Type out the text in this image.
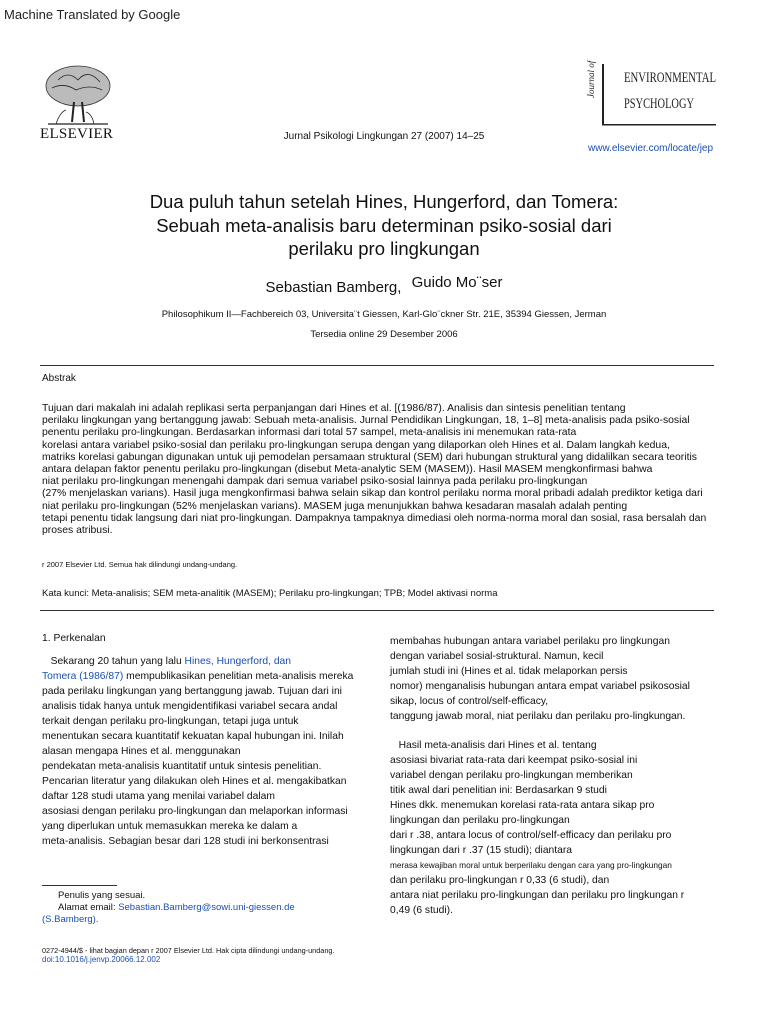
Machine Translated by Google
ELSEVIER	Jurnal Psikologi Lingkungan 27 (2007) 14–25
Journal of ENVIRONMENTAL
PSYCHOLOGY
www.elsevier.com/locate/jep
Dua puluh tahun setelah Hines, Hungerford, dan Tomera:
Sebuah meta-analisis baru determinan psiko-sosial dari
perilaku pro lingkungan
Sebastian Bamberg, Guido Mo¨ser
Philosophikum II—Fachbereich 03, Universita¨t Giessen, Karl-Glo¨ckner Str. 21E, 35394 Giessen, Jerman
Tersedia online 29 Desember 2006
Abstrak
Tujuan dari makalah ini adalah replikasi serta perpanjangan dari Hines et al. [(1986/87). Analisis dan sintesis penelitian tentang
perilaku lingkungan yang bertanggung jawab: Sebuah meta-analisis. Jurnal Pendidikan Lingkungan, 18, 1–8] meta-analisis pada psiko-sosial
penentu perilaku pro-lingkungan. Berdasarkan informasi dari total 57 sampel, meta-analisis ini menemukan rata-rata
korelasi antara variabel psiko-sosial dan perilaku pro-lingkungan serupa dengan yang dilaporkan oleh Hines et al. Dalam langkah kedua,
matriks korelasi gabungan digunakan untuk uji pemodelan persamaan struktural (SEM) dari hubungan struktural yang didalilkan secara teoritis
antara delapan faktor penentu perilaku pro-lingkungan (disebut Meta-analytic SEM (MASEM)). Hasil MASEM mengkonfirmasi bahwa
niat perilaku pro-lingkungan menengahi dampak dari semua variabel psiko-sosial lainnya pada perilaku pro-lingkungan
(27% menjelaskan varians). Hasil juga mengkonfirmasi bahwa selain sikap dan kontrol perilaku norma moral pribadi adalah prediktor ketiga dari
niat perilaku pro-lingkungan (52% menjelaskan varians). MASEM juga menunjukkan bahwa kesadaran masalah adalah penting
tetapi penentu tidak langsung dari niat pro-lingkungan. Dampaknya tampaknya dimediasi oleh norma-norma moral dan sosial, rasa bersalah dan
proses atribusi.
r 2007 Elsevier Ltd. Semua hak dilindungi undang-undang.
Kata kunci: Meta-analisis; SEM meta-analitik (MASEM); Perilaku pro-lingkungan; TPB; Model aktivasi norma
1. Perkenalan
Sekarang 20 tahun yang lalu Hines, Hungerford, dan
Tomera (1986/87) mempublikasikan penelitian meta-analisis mereka
pada perilaku lingkungan yang bertanggung jawab. Tujuan dari ini
analisis tidak hanya untuk mengidentifikasi variabel secara andal
terkait dengan perilaku pro-lingkungan, tetapi juga untuk
menentukan secara kuantitatif kekuatan kapal hubungan ini. Inilah
alasan mengapa Hines et al. menggunakan
pendekatan meta-analisis kuantitatif untuk sintesis penelitian.
Pencarian literatur yang dilakukan oleh Hines et al. mengakibatkan
daftar 128 studi utama yang menilai variabel dalam
asosiasi dengan perilaku pro-lingkungan dan melaporkan informasi
yang diperlukan untuk memasukkan mereka ke dalam a
meta-analisis. Sebagian besar dari 128 studi ini berkonsentrasi
membahas hubungan antara variabel perilaku pro lingkungan
dengan variabel sosial-struktural. Namun, kecil
jumlah studi ini (Hines et al. tidak melaporkan persis
nomor) menganalisis hubungan antara empat variabel psikososial
sikap, locus of control/self-efficacy,
tanggung jawab moral, niat perilaku dan perilaku pro-lingkungan.
Hasil meta-analisis dari Hines et al. tentang
asosiasi bivariat rata-rata dari keempat psiko-sosial ini
variabel dengan perilaku pro-lingkungan memberikan
titik awal dari penelitian ini: Berdasarkan 9 studi
Hines dkk. menemukan korelasi rata-rata antara sikap pro
lingkungan dan perilaku pro-lingkungan
dari r .38, antara locus of control/self-efficacy dan perilaku pro
lingkungan dari r .37 (15 studi); diantara
merasa kewajiban moral untuk berperilaku dengan cara yang pro-lingkungan
dan perilaku pro-lingkungan r 0,33 (6 studi), dan
antara niat perilaku pro-lingkungan dan perilaku pro lingkungan r
0,49 (6 studi).
Penulis yang sesuai.
Alamat email: Sebastian.Bamberg@sowi.uni-giessen.de
(S.Bamberg).
0272-4944/$ - lihat bagian depan r 2007 Elsevier Ltd. Hak cipta dilindungi undang-undang.
doi:10.1016/j.jenvp.20066.12.002
